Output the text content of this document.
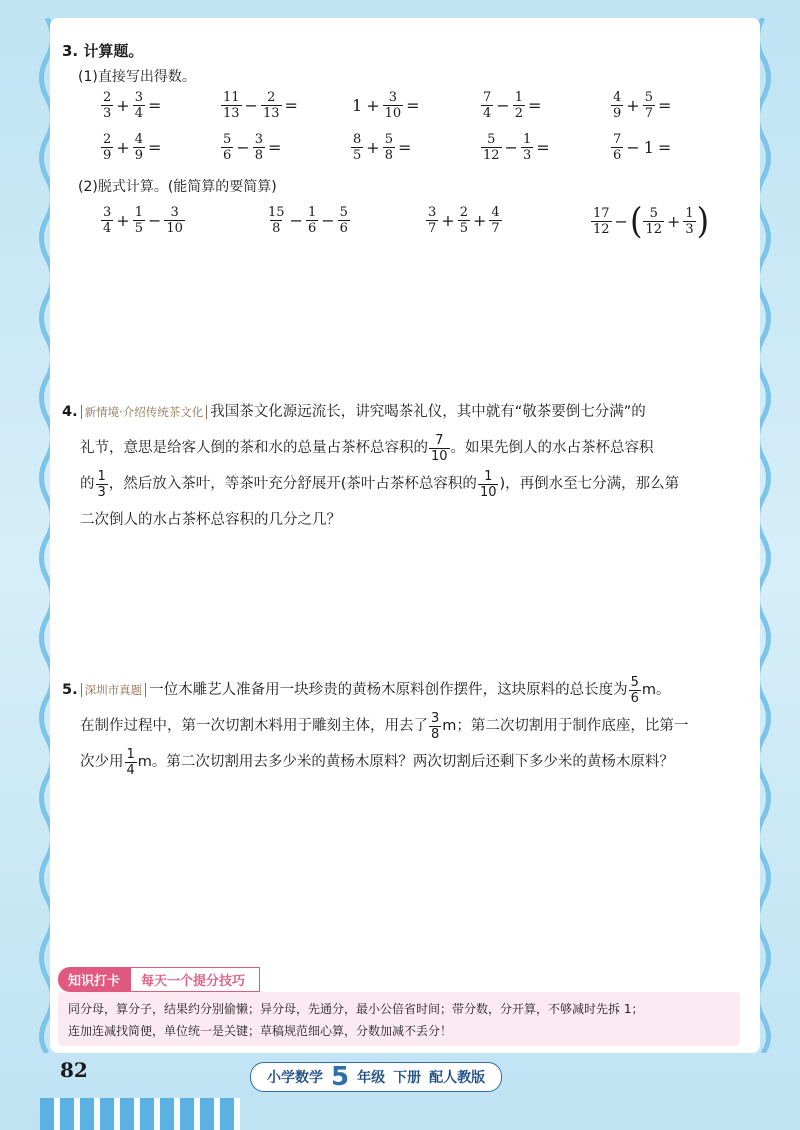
3. 计算题。
(1)直接写出得数。
$\frac{2}{3} + \frac{3}{4}$ =	$\frac{11}{13} - \frac{2}{13}$ =	$1 + \frac{3}{10}$ =	$\frac{7}{4} - \frac{1}{2}$ =	$\frac{4}{9} + \frac{5}{7}$ =
$\frac{2}{9} + \frac{4}{9}$ =	$\frac{5}{6} - \frac{3}{8}$ =	$\frac{8}{5} + \frac{5}{8}$ =	$\frac{5}{12} - \frac{1}{3}$ =	$\frac{7}{6} - 1$ =
(2)脱式计算。(能简算的要简算)
$\frac{3}{4} + \frac{1}{5} - \frac{3}{10}$	$\frac{15}{8} - \frac{1}{6} - \frac{5}{6}$	$\frac{3}{7} + \frac{2}{5} + \frac{4}{7}$	$\frac{17}{12}$ − ( $\frac{5}{12} + \frac{1}{3}$ )
4. 新情境·介绍传统茶文化 我国茶文化源远流长，讲究喝茶礼仪，其中就有“敬茶要倒七分满”的
礼节，意思是给客人倒的茶和水的总量占茶杯总容积的 $\frac{7}{10}$ 。如果先倒人的水占茶杯总容积
的 $\frac{1}{3}$ ，然后放入茶叶，等茶叶充分舒展开(茶叶占茶杯总容积的 $\frac{1}{10}$ )，再倒水至七分满，那么第
二次倒人的水占茶杯总容积的几分之几？
5. 深圳市真题 一位木雕艺人准备用一块珍贵的黄杨木原料创作摆件，这块原料的总长度为 $\frac{5}{6}$ m。
在制作过程中，第一次切割木料用于雕刻主体，用去了 $\frac{3}{8}$ m；第二次切割用于制作底座，比第一
次少用 $\frac{1}{4}$ m。第二次切割用去多少米的黄杨木原料？两次切割后还剩下多少米的黄杨木原料？
知识打卡	每天一个提分技巧
同分母，算分子，结果约分别偷懒；异分母，先通分，最小公倍省时间；带分数，分开算，不够减时先拆 1；
连加连减找简便，单位统一是关键；草稿规范细心算，分数加减不丢分！
82	小学数学 5 年级 下册 配人教版
